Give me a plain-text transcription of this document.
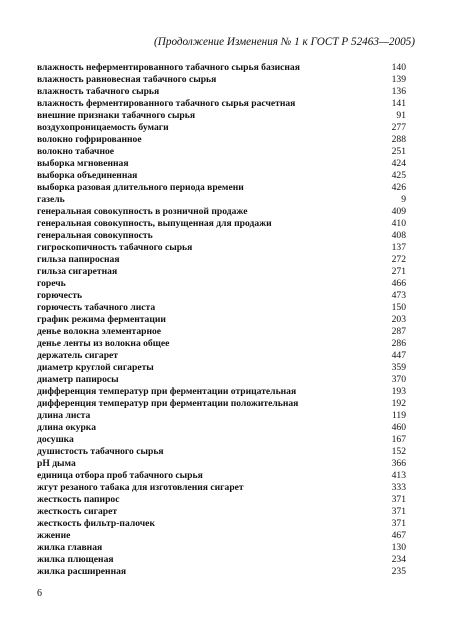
(Продолжение Изменения № 1 к ГОСТ Р 52463—2005)
влажность неферментированного табачного сырья базисная	140
влажность равновесная табачного сырья	139
влажность табачного сырья	136
влажность ферментированного табачного сырья расчетная	141
внешние признаки табачного сырья	91
воздухопроницаемость бумаги	277
волокно гофрированное	288
волокно табачное	251
выборка мгновенная	424
выборка объединенная	425
выборка разовая длительного периода времени	426
газель	9
генеральная совокупность в розничной продаже	409
генеральная совокупность, выпущенная для продажи	410
генеральная совокупность	408
гигроскопичность табачного сырья	137
гильза папиросная	272
гильза сигаретная	271
горечь	466
горючесть	473
горючесть табачного листа	150
график режима ферментации	203
денье волокна элементарное	287
денье ленты из волокна общее	286
держатель сигарет	447
диаметр круглой сигареты	359
диаметр папиросы	370
дифференция температур при ферментации отрицательная	193
дифференция температур при ферментации положительная	192
длина листа	119
длина окурка	460
досушка	167
душистость табачного сырья	152
pH дыма	366
единица отбора проб табачного сырья	413
жгут резаного табака для изготовления сигарет	333
жесткость папирос	371
жесткость сигарет	371
жесткость фильтр-палочек	371
жжение	467
жилка главная	130
жилка плющеная	234
жилка расширенная	235
6
